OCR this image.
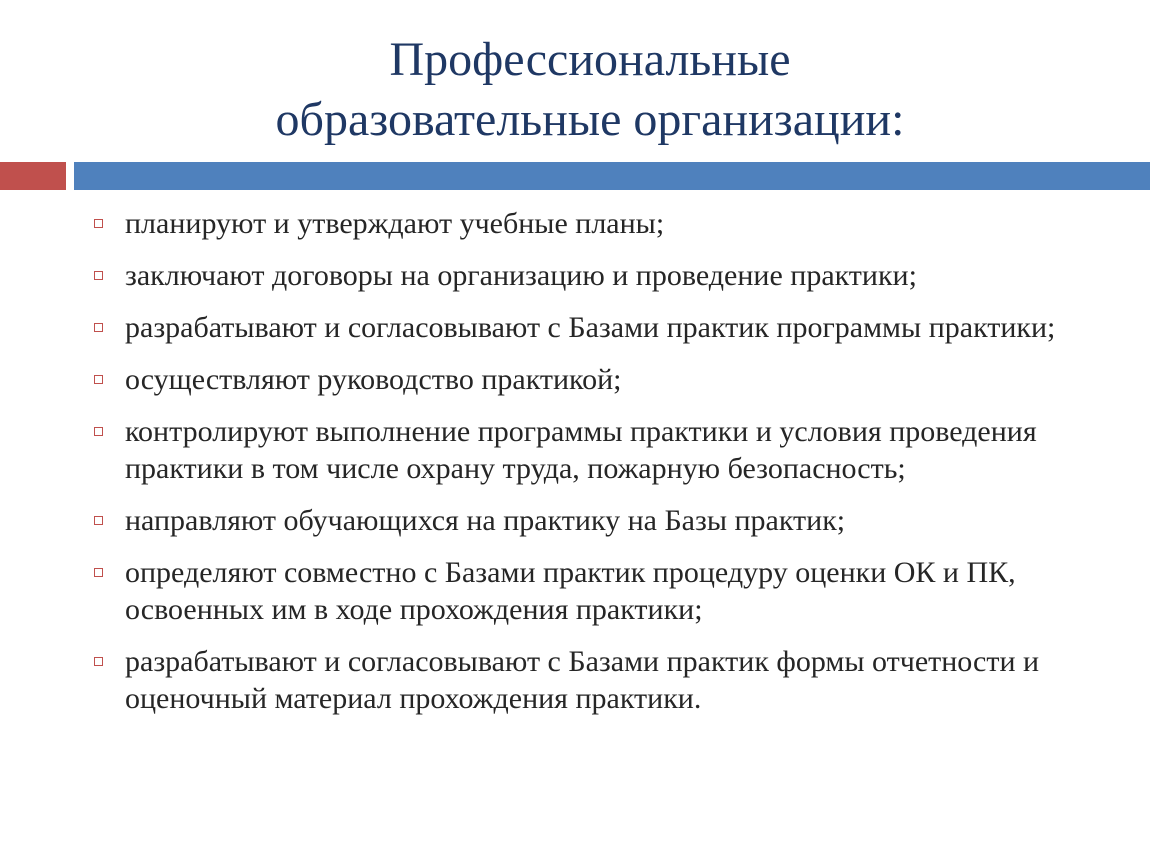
Профессиональные
образовательные организации:
планируют и утверждают учебные планы;
заключают договоры на организацию и проведение практики;
разрабатывают и согласовывают с Базами практик программы практики;
осуществляют руководство практикой;
контролируют выполнение программы практики и условия проведения практики в том числе охрану труда, пожарную безопасность;
направляют обучающихся на практику на Базы практик;
определяют совместно с Базами практик процедуру оценки ОК и ПК, освоенных им в ходе прохождения практики;
разрабатывают и согласовывают с Базами практик формы отчетности и оценочный материал прохождения практики.
